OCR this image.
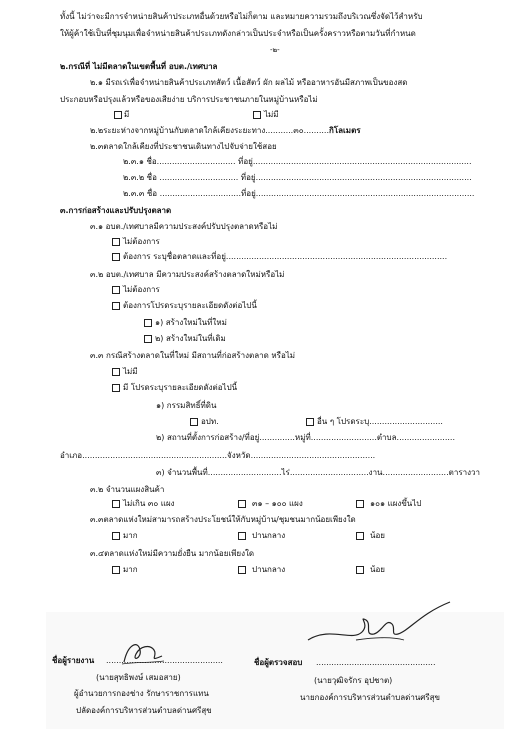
ทั้งนี้ ไม่ว่าจะมีการจำหน่ายสินค้าประเภทอื่นด้วยหรือไม่ก็ตาม และหมายความรวมถึงบริเวณซึ่งจัดไว้สำหรับ
ให้ผู้ค้าใช้เป็นที่ชุมนุมเพื่อจำหน่ายสินค้าประเภทดังกล่าวเป็นประจำหรือเป็นครั้งคราวหรือตามวันที่กำหนด
-๒-
๒.กรณีที่ ไม่มีตลาดในเขตพื้นที่ อบต./เทศบาล
๒.๑ มีรถเร่เพื่อจำหน่ายสินค้าประเภทสัตว์ เนื้อสัตว์ ผัก ผลไม้ หรืออาหารอันมีสภาพเป็นของสด
ประกอบหรือปรุงแล้วหรือของเสียง่าย บริการประชาชนภายในหมู่บ้านหรือไม่
มี	ไม่มี
๒.๒ระยะห่างจากหมู่บ้านกับตลาดใกล้เคียงระยะทาง...........๓๐..........กิโลเมตร
๒.๓ตลาดใกล้เคียงที่ประชาชนเดินทางไปจับจ่ายใช้สอย
๒.๓.๑ ชื่อ............................... ที่อยู่......................................................................................
๒.๓.๒ ชื่อ ............................... ที่อยู่.....................................................................................
๒.๓.๓ ชื่อ ................................ที่อยู่......................................................................................
๓.การก่อสร้างและปรับปรุงตลาด
๓.๑ อบต./เทศบาลมีความประสงค์ปรับปรุงตลาดหรือไม่
ไม่ต้องการ
ต้องการ ระบุชื่อตลาดและที่อยู่.......................................................................................
๓.๒ อบต./เทศบาล มีความประสงค์สร้างตลาดใหม่หรือไม่
ไม่ต้องการ
ต้องการโปรดระบุรายละเอียดดังต่อไปนี้
๑) สร้างใหม่ในที่ใหม่
๒) สร้างใหม่ในที่เดิม
๓.๓ กรณีสร้างตลาดในที่ใหม่ มีสถานที่ก่อสร้างตลาด หรือไม่
ไม่มี
มี โปรดระบุรายละเอียดดังต่อไปนี้
๑) กรรมสิทธิ์ที่ดิน
อปท.	อื่น ๆ โปรดระบุ.............................
๒) สถานที่ตั้งการก่อสร้าง/ที่อยู่..............หมู่ที่..........................ตำบล.......................
อำเภอ.........................................................จังหวัด.................................................
๓) จำนวนพื้นที่.............................ไร่...............................งาน..........................ตารางวา
๓.๒ จำนวนแผงสินค้า
ไม่เกิน ๓๐ แผง	๓๑ – ๑๐๐ แผง	๑๐๑ แผงขึ้นไป
๓.๓ตลาดแห่งใหม่สามารถสร้างประโยชน์ให้กับหมู่บ้าน/ชุมชนมากน้อยเพียงใด
มาก	ปานกลาง	น้อย
๓.๔ตลาดแห่งใหม่มีความยั่งยืน มากน้อยเพียงใด
มาก	ปานกลาง	น้อย
ชื่อผู้รายงาน ..............................................
(นายสุทธิพงษ์ เสมอสาย)
ผู้อำนวยการกองช่าง รักษาราชการแทน
ปลัดองค์การบริหารส่วนตำบลด่านศรีสุข
ชื่อผู้ตรวจสอบ ...............................................
(นายวุฒิจรักร อุปชาต)
นายกองค์การบริหารส่วนตำบลด่านศรีสุข
